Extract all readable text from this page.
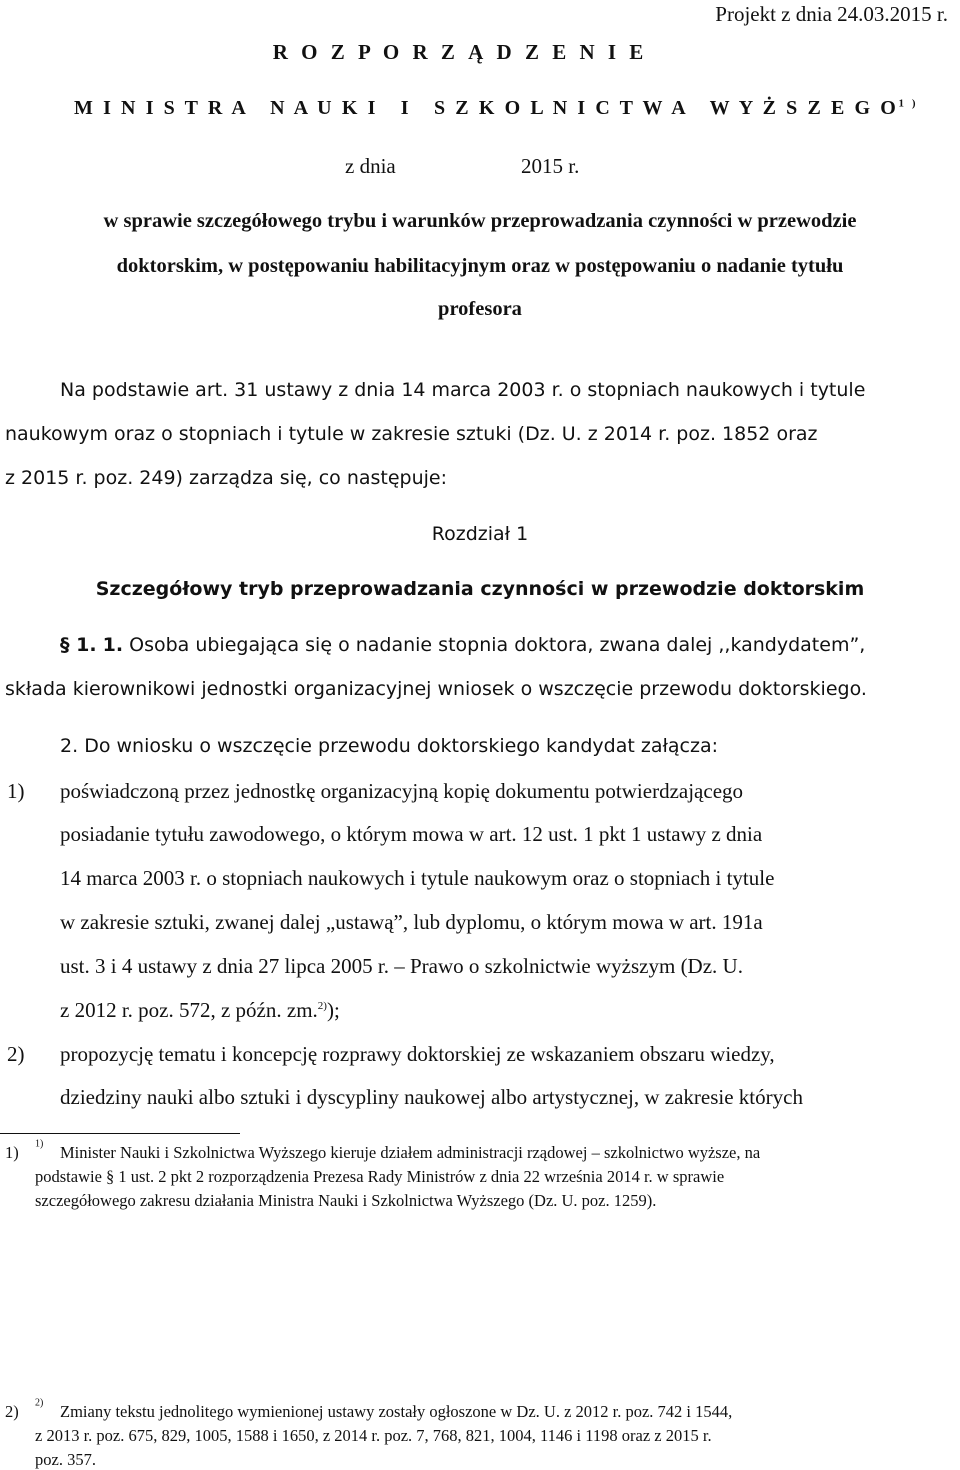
Projekt z dnia 24.03.2015 r.
R O Z P O R Z Ą D Z E N I E
M I N I S T R A   N A U K I   I   S Z K O L N I C T W A   W Y Ż S Z E G $O^{1 )}$
z dnia	2015 r.
w sprawie szczegółowego trybu i warunków przeprowadzania czynności w przewodzie
doktorskim, w postępowaniu habilitacyjnym oraz w postępowaniu o nadanie tytułu
profesora
Na podstawie art. 31 ustawy z dnia 14 marca 2003 r. o stopniach naukowych i tytule
naukowym oraz o stopniach i tytule w zakresie sztuki (Dz. U. z 2014 r. poz. 1852 oraz
z 2015 r. poz. 249) zarządza się, co następuje:
Rozdział 1
Szczegółowy tryb przeprowadzania czynności w przewodzie doktorskim
§ 1. 1. Osoba ubiegająca się o nadanie stopnia doktora, zwana dalej ,,kandydatem”,
składa kierownikowi jednostki organizacyjnej wniosek o wszczęcie przewodu doktorskiego.
2. Do wniosku o wszczęcie przewodu doktorskiego kandydat załącza:
1) poświadczoną przez jednostkę organizacyjną kopię dokumentu potwierdzającego
posiadanie tytułu zawodowego, o którym mowa w art. 12 ust. 1 pkt 1 ustawy z dnia
14 marca 2003 r. o stopniach naukowych i tytule naukowym oraz o stopniach i tytule
w zakresie sztuki, zwanej dalej „ustawą”, lub dyplomu, o którym mowa w art. 191a
ust. 3 i 4 ustawy z dnia 27 lipca 2005 r. – Prawo o szkolnictwie wyższym (Dz. U.
z 2012 r. poz. 572, z późn. zm.$^{2)}$);
2) propozycję tematu i koncepcję rozprawy doktorskiej ze wskazaniem obszaru wiedzy,
dziedziny nauki albo sztuki i dyscypliny naukowej albo artystycznej, w zakresie których
1) $^{1)}$ Minister Nauki i Szkolnictwa Wyższego kieruje działem administracji rządowej – szkolnictwo wyższe, na
podstawie § 1 ust. 2 pkt 2 rozporządzenia Prezesa Rady Ministrów z dnia 22 września 2014 r. w sprawie
szczegółowego zakresu działania Ministra Nauki i Szkolnictwa Wyższego (Dz. U. poz. 1259).
2) $^{2)}$ Zmiany tekstu jednolitego wymienionej ustawy zostały ogłoszone w Dz. U. z 2012 r. poz. 742 i 1544,
z 2013 r. poz. 675, 829, 1005, 1588 i 1650, z 2014 r. poz. 7, 768, 821, 1004, 1146 i 1198 oraz z 2015 r.
poz. 357.
